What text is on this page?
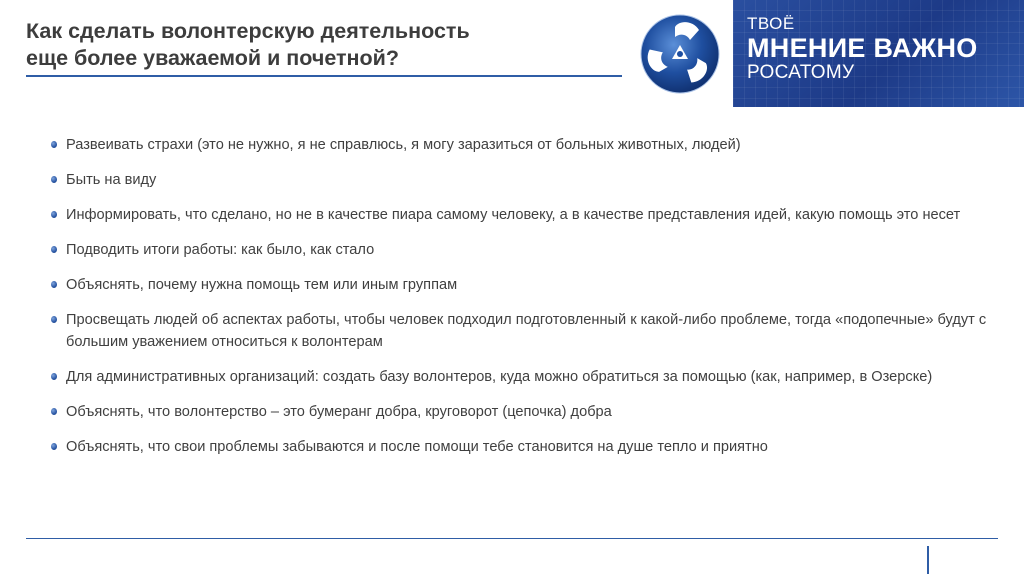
Как сделать волонтерскую деятельность
еще более уважаемой и почетной?
ТВОЁ
МНЕНИЕ ВАЖНО
РОСАТОМУ
Развеивать страхи (это не нужно, я не справлюсь, я могу заразиться от больных животных, людей)
Быть на виду
Информировать, что сделано, но не в качестве пиара самому человеку, а в качестве представления идей, какую помощь это несет
Подводить итоги работы: как было, как стало
Объяснять, почему нужна помощь тем или иным группам
Просвещать людей об аспектах работы, чтобы человек подходил подготовленный к какой-либо проблеме, тогда «подопечные» будут с большим уважением относиться к волонтерам
Для административных организаций: создать базу волонтеров, куда можно обратиться за помощью (как, например, в Озерске)
Объяснять, что волонтерство – это бумеранг добра, круговорот (цепочка) добра
Объяснять, что свои проблемы забываются и после помощи тебе становится на душе тепло и приятно
